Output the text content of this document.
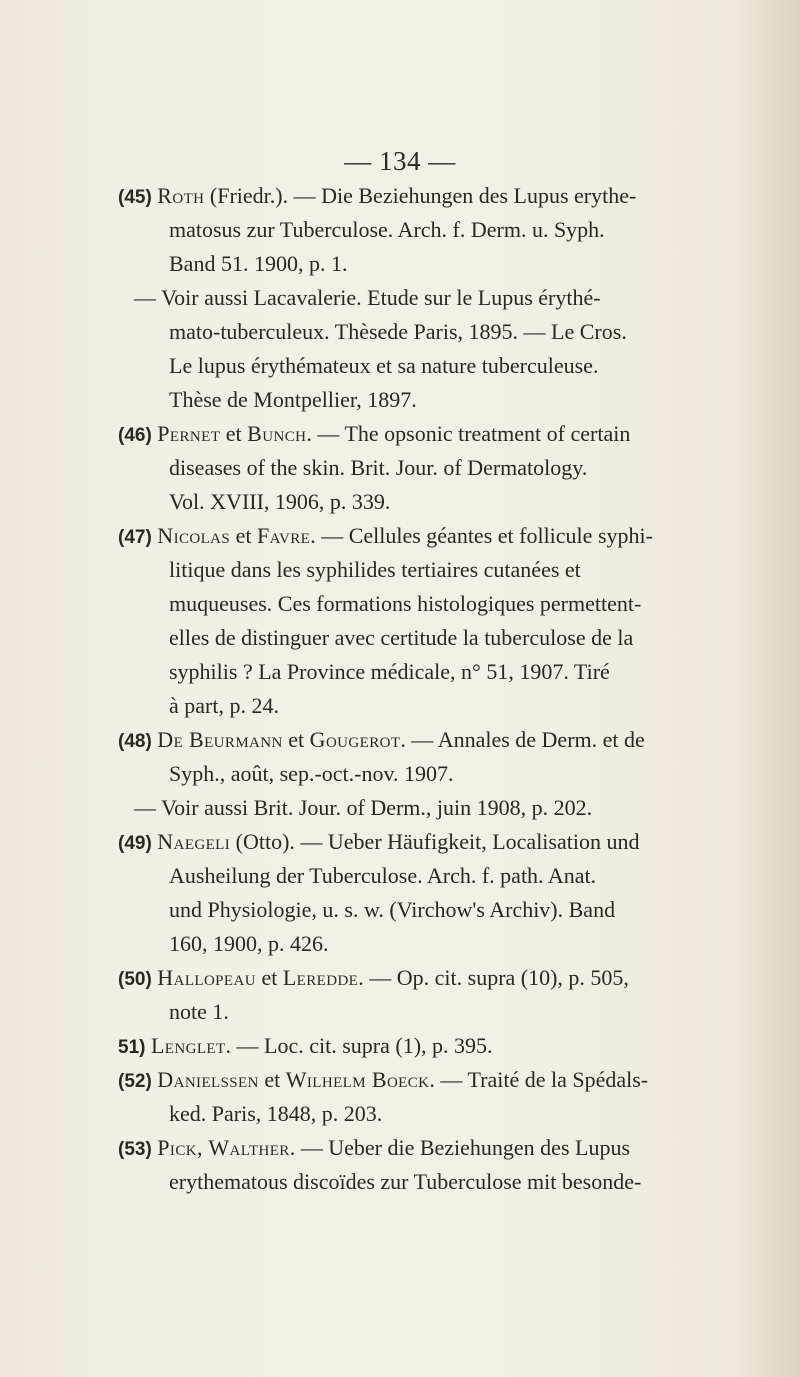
— 134 —
(45) Roth (Friedr.). — Die Beziehungen des Lupus erythe-
matosus zur Tuberculose. Arch. f. Derm. u. Syph.
Band 51. 1900, p. 1.
— Voir aussi Lacavalerie. Etude sur le Lupus érythé-
mato-tuberculeux. Thèsede Paris, 1895. — Le Cros.
Le lupus érythémateux et sa nature tuberculeuse.
Thèse de Montpellier, 1897.
(46) Pernet et Bunch. — The opsonic treatment of certain
diseases of the skin. Brit. Jour. of Dermatology.
Vol. XVIII, 1906, p. 339.
(47) Nicolas et Favre. — Cellules géantes et follicule syphi-
litique dans les syphilides tertiaires cutanées et
muqueuses. Ces formations histologiques permettent-
elles de distinguer avec certitude la tuberculose de la
syphilis ? La Province médicale, n° 51, 1907. Tiré
à part, p. 24.
(48) De Beurmann et Gougerot. — Annales de Derm. et de
Syph., août, sep.-oct.-nov. 1907.
— Voir aussi Brit. Jour. of Derm., juin 1908, p. 202.
(49) Naegeli (Otto). — Ueber Häufigkeit, Localisation und
Ausheilung der Tuberculose. Arch. f. path. Anat.
und Physiologie, u. s. w. (Virchow's Archiv). Band
160, 1900, p. 426.
(50) Hallopeau et Leredde. — Op. cit. supra (10), p. 505,
note 1.
51) Lenglet. — Loc. cit. supra (1), p. 395.
(52) Danielssen et Wilhelm Boeck. — Traité de la Spédals-
ked. Paris, 1848, p. 203.
(53) Pick, Walther. — Ueber die Beziehungen des Lupus
erythematous discoïdes zur Tuberculose mit besonde-
